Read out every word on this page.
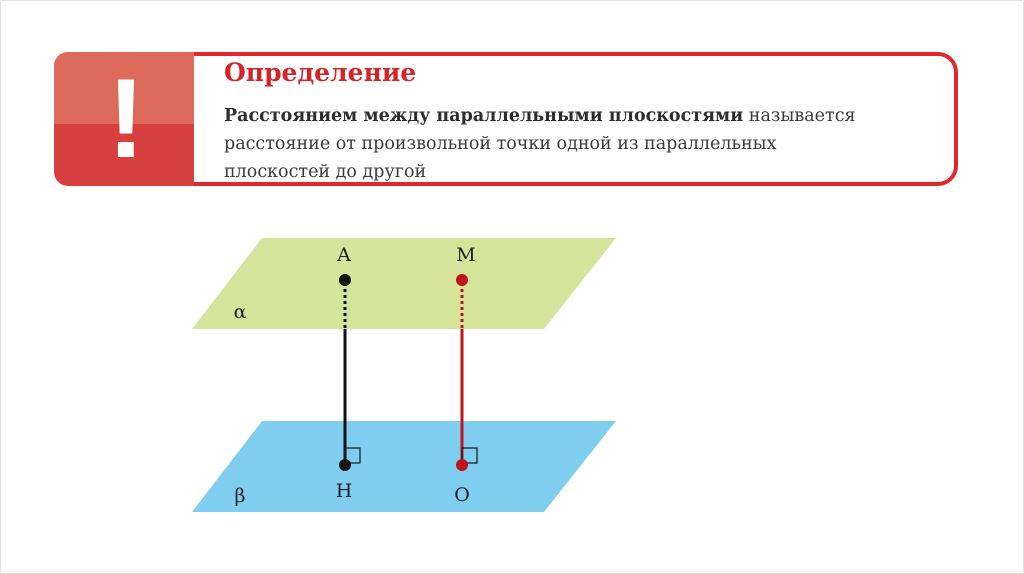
!	Определение
Расстоянием между параллельными плоскостями называется
расстояние от произвольной точки одной из параллельных
плоскостей до другой
A	M
H	O
α
β
